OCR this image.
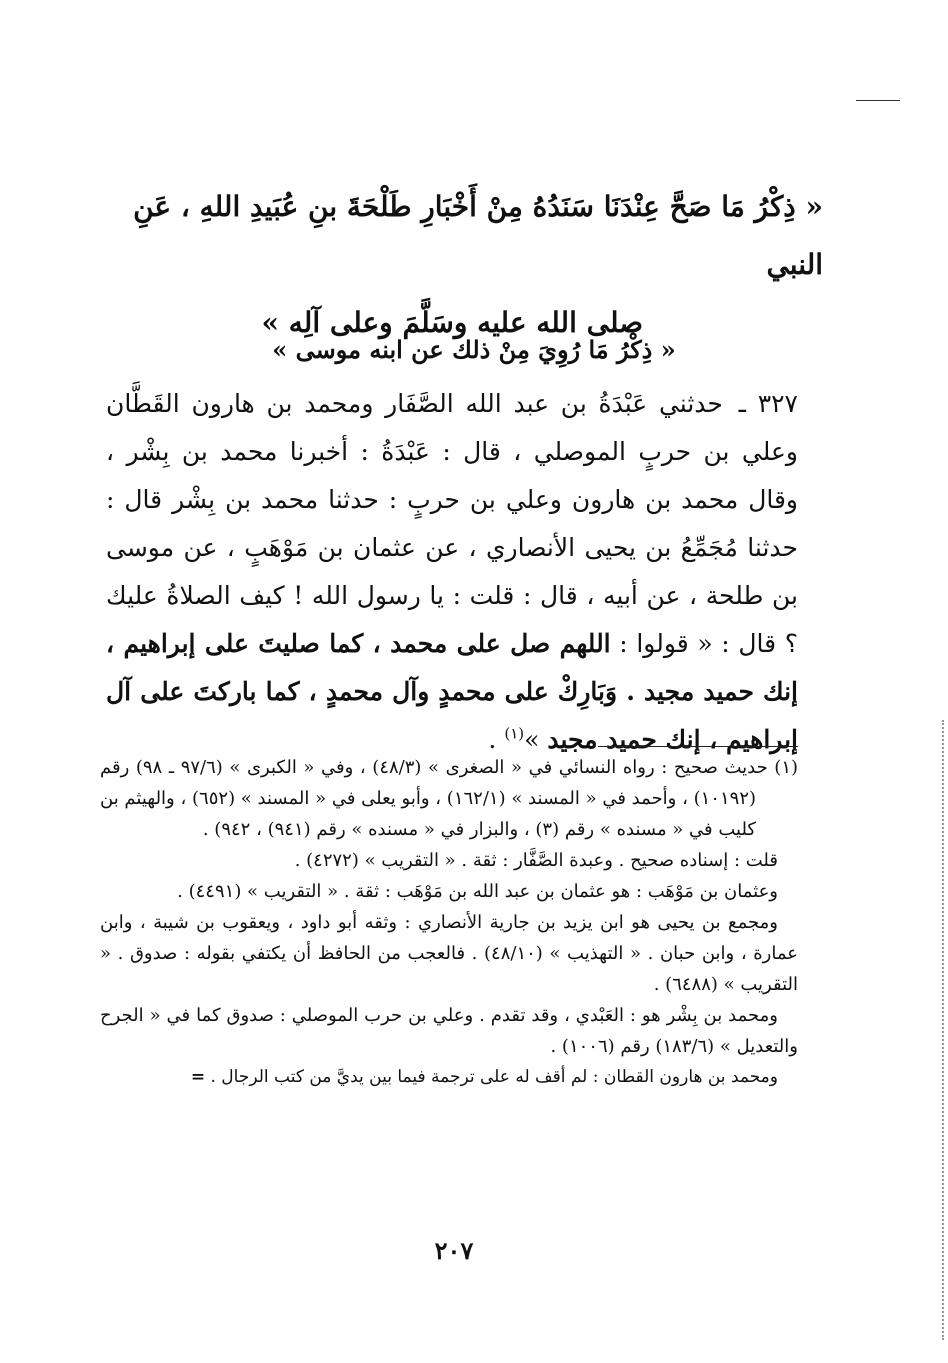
« ذِكْرُ مَا صَحَّ عِنْدَنَا سَنَدُهُ مِنْ أَخْبَارِ طَلْحَةَ بنِ عُبَيدِ اللهِ ، عَنِ النبي
صلى الله عليه وسَلَّمَ وعلى آلِه »
« ذِكْرُ مَا رُوِيَ مِنْ ذلك عن ابنه موسى »
٣٢٧ ـ حدثني عَبْدَةُ بن عبد الله الصَّفَار ومحمد بن هارون القَطَّان وعلي بن حربٍ الموصلي ، قال : عَبْدَةُ : أخبرنا محمد بن بِشْر ، وقال محمد بن هارون وعلي بن حربٍ : حدثنا محمد بن بِشْر قال : حدثنا مُجَمِّعُ بن يحيى الأنصاري ، عن عثمان بن مَوْهَبٍ ، عن موسى بن طلحة ، عن أبيه ، قال : قلت : يا رسول الله ! كيف الصلاةُ عليك ؟ قال : « قولوا : اللهم صل على محمد ، كما صليتَ على إبراهيم ، إنك حميد مجيد . وَبَارِكْ على محمدٍ وآل محمدٍ ، كما باركتَ على آل إبراهيم ، إنك حميد مجيد »$^{(١)}$ .

(١) حديث صحيح : رواه النسائي في « الصغرى » (٤٨/٣) ، وفي « الكبرى » (٩٧/٦ ـ ٩٨) رقم (١٠١٩٢) ، وأحمد في « المسند » (١٦٢/١) ، وأبو يعلى في « المسند » (٦٥٢) ، والهيثم بن كليب في « مسنده » رقم (٣) ، والبزار في « مسنده » رقم (٩٤١) ، ٩٤٢) .

قلت : إسناده صحيح . وعبدة الصَّفَّار : ثقة . « التقريب » (٤٢٧٢) .

وعثمان بن مَوْهَب : هو عثمان بن عبد الله بن مَوْهَب : ثقة . « التقريب » (٤٤٩١) .

ومجمع بن يحيى هو ابن يزيد بن جارية الأنصاري : وثقه أبو داود ، ويعقوب بن شيبة ، وابن عمارة ، وابن حبان . « التهذيب » (٤٨/١٠) . فالعجب من الحافظ أن يكتفي بقوله : صدوق . « التقريب » (٦٤٨٨) .

ومحمد بن بِشْر هو : العَبْدي ، وقد تقدم . وعلي بن حرب الموصلي : صدوق كما في « الجرح والتعديل » (١٨٣/٦) رقم (١٠٠٦) .

ومحمد بن هارون القطان : لم أقف له على ترجمة فيما بين يديَّ من كتب الرجال . =

٢٠٧
